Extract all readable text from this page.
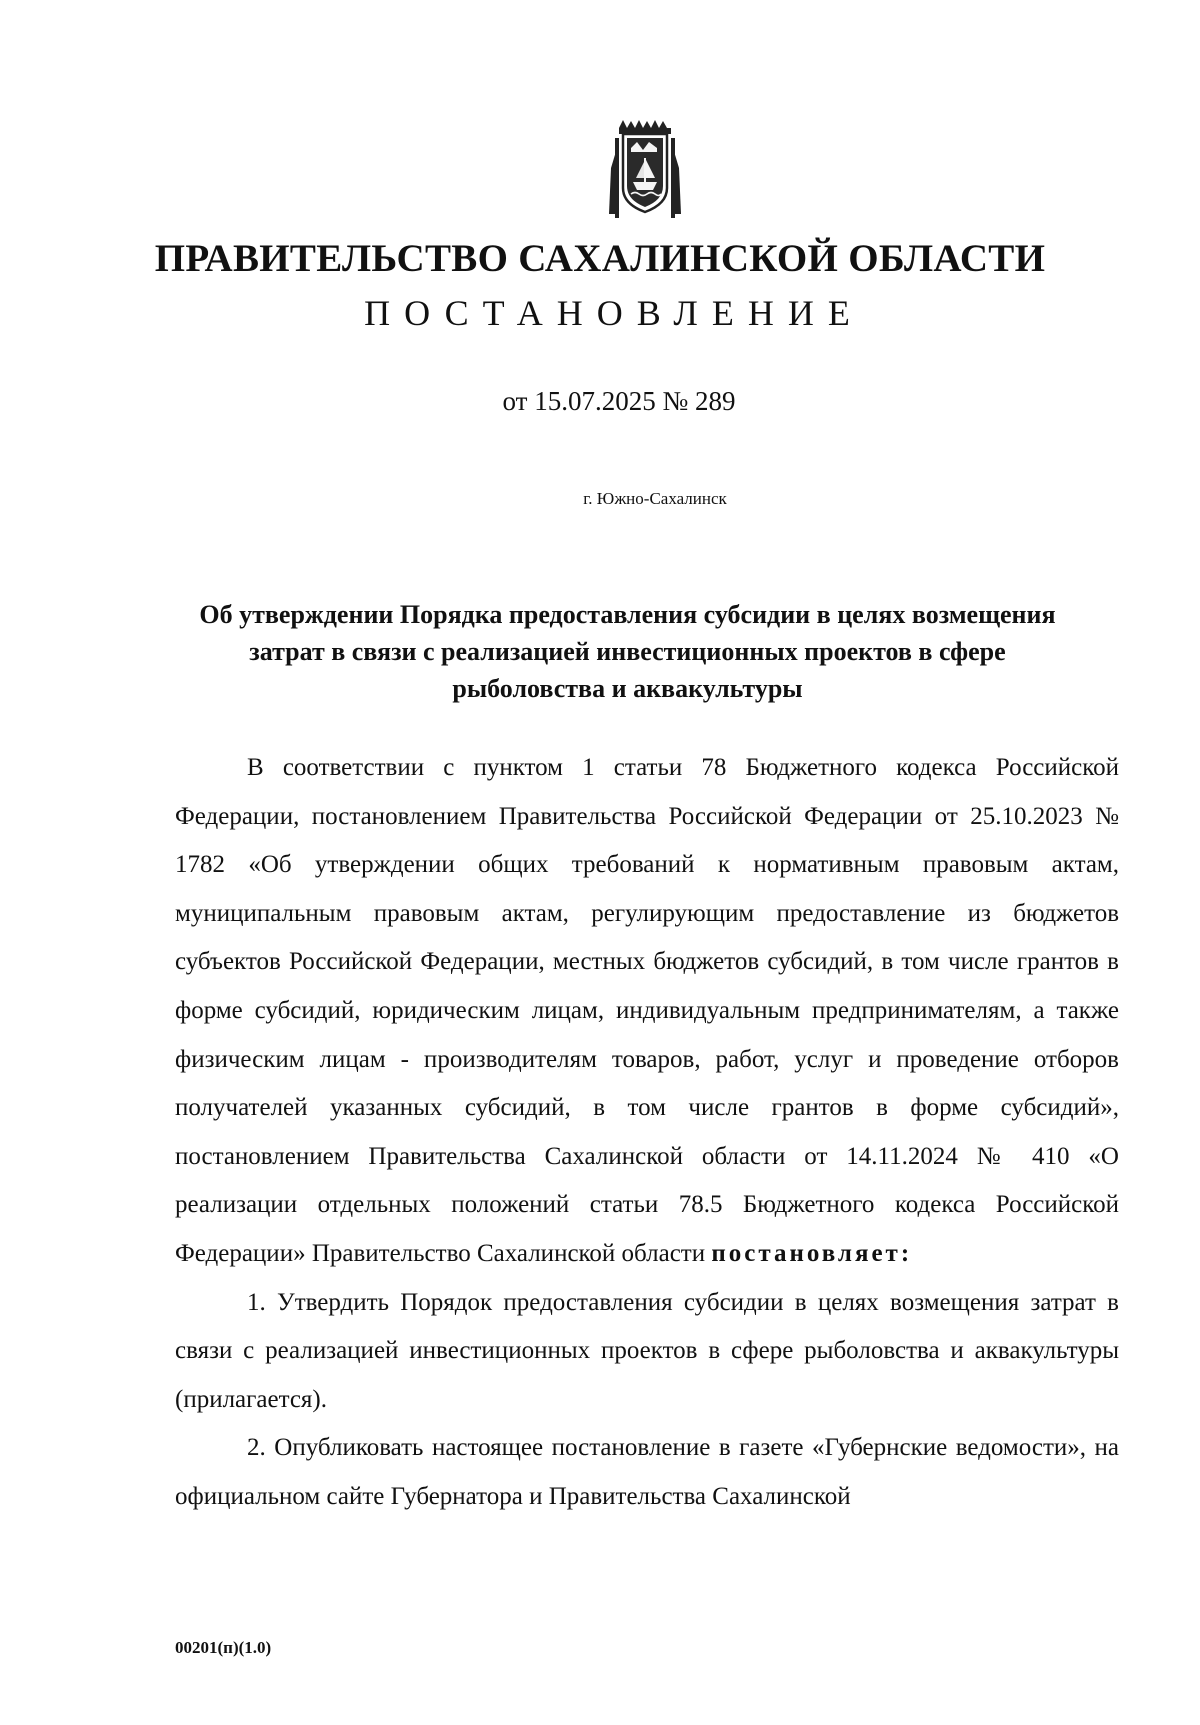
ПРАВИТЕЛЬСТВО САХАЛИНСКОЙ ОБЛАСТИ
ПОСТАНОВЛЕНИЕ
от 15.07.2025 № 289
г. Южно-Сахалинск
Об утверждении Порядка предоставления субсидии в целях возмещения затрат в связи с реализацией инвестиционных проектов в сфере рыболовства и аквакультуры

В соответствии с пунктом 1 статьи 78 Бюджетного кодекса Российской Федерации, постановлением Правительства Российской Федерации от 25.10.2023 № 1782 «Об утверждении общих требований к нормативным правовым актам, муниципальным правовым актам, регулирующим предоставление из бюджетов субъектов Российской Федерации, местных бюджетов субсидий, в том числе грантов в форме субсидий, юридическим лицам, индивидуальным предпринимателям, а также физическим лицам - производителям товаров, работ, услуг и проведение отборов получателей указанных субсидий, в том числе грантов в форме субсидий», постановлением Правительства Сахалинской области от 14.11.2024 № 410 «О реализации отдельных положений статьи 78.5 Бюджетного кодекса Российской Федерации» Правительство Сахалинской области постановляет:

1. Утвердить Порядок предоставления субсидии в целях возмещения затрат в связи с реализацией инвестиционных проектов в сфере рыболовства и аквакультуры (прилагается).

2. Опубликовать настоящее постановление в газете «Губернские ведомости», на официальном сайте Губернатора и Правительства Сахалинской

00201(п)(1.0)
